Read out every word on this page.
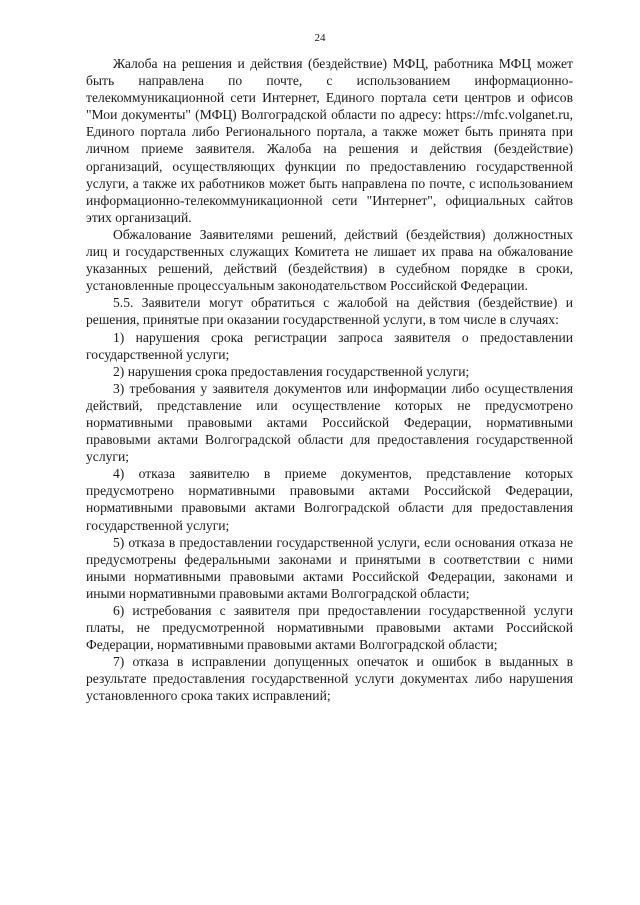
24

Жалоба на решения и действия (бездействие) МФЦ, работника МФЦ может быть направлена по почте, с использованием информационно-телекоммуникационной сети Интернет, Единого портала сети центров и офисов "Мои документы" (МФЦ) Волгоградской области по адресу: https://mfc.volganet.ru, Единого портала либо Регионального портала, а также может быть принята при личном приеме заявителя. Жалоба на решения и действия (бездействие) организаций, осуществляющих функции по предоставлению государственной услуги, а также их работников может быть направлена по почте, с использованием информационно-телекоммуникационной сети "Интернет", официальных сайтов этих организаций.

Обжалование Заявителями решений, действий (бездействия) должностных лиц и государственных служащих Комитета не лишает их права на обжалование указанных решений, действий (бездействия) в судебном порядке в сроки, установленные процессуальным законодательством Российской Федерации.

5.5. Заявители могут обратиться с жалобой на действия (бездействие) и решения, принятые при оказании государственной услуги, в том числе в случаях:

1) нарушения срока регистрации запроса заявителя о предоставлении государственной услуги;

2) нарушения срока предоставления государственной услуги;

3) требования у заявителя документов или информации либо осуществления действий, представление или осуществление которых не предусмотрено нормативными правовыми актами Российской Федерации, нормативными правовыми актами Волгоградской области для предоставления государственной услуги;

4) отказа заявителю в приеме документов, представление которых предусмотрено нормативными правовыми актами Российской Федерации, нормативными правовыми актами Волгоградской области для предоставления государственной услуги;

5) отказа в предоставлении государственной услуги, если основания отказа не предусмотрены федеральными законами и принятыми в соответствии с ними иными нормативными правовыми актами Российской Федерации, законами и иными нормативными правовыми актами Волгоградской области;

6) истребования с заявителя при предоставлении государственной услуги платы, не предусмотренной нормативными правовыми актами Российской Федерации, нормативными правовыми актами Волгоградской области;

7) отказа в исправлении допущенных опечаток и ошибок в выданных в результате предоставления государственной услуги документах либо нарушения установленного срока таких исправлений;
